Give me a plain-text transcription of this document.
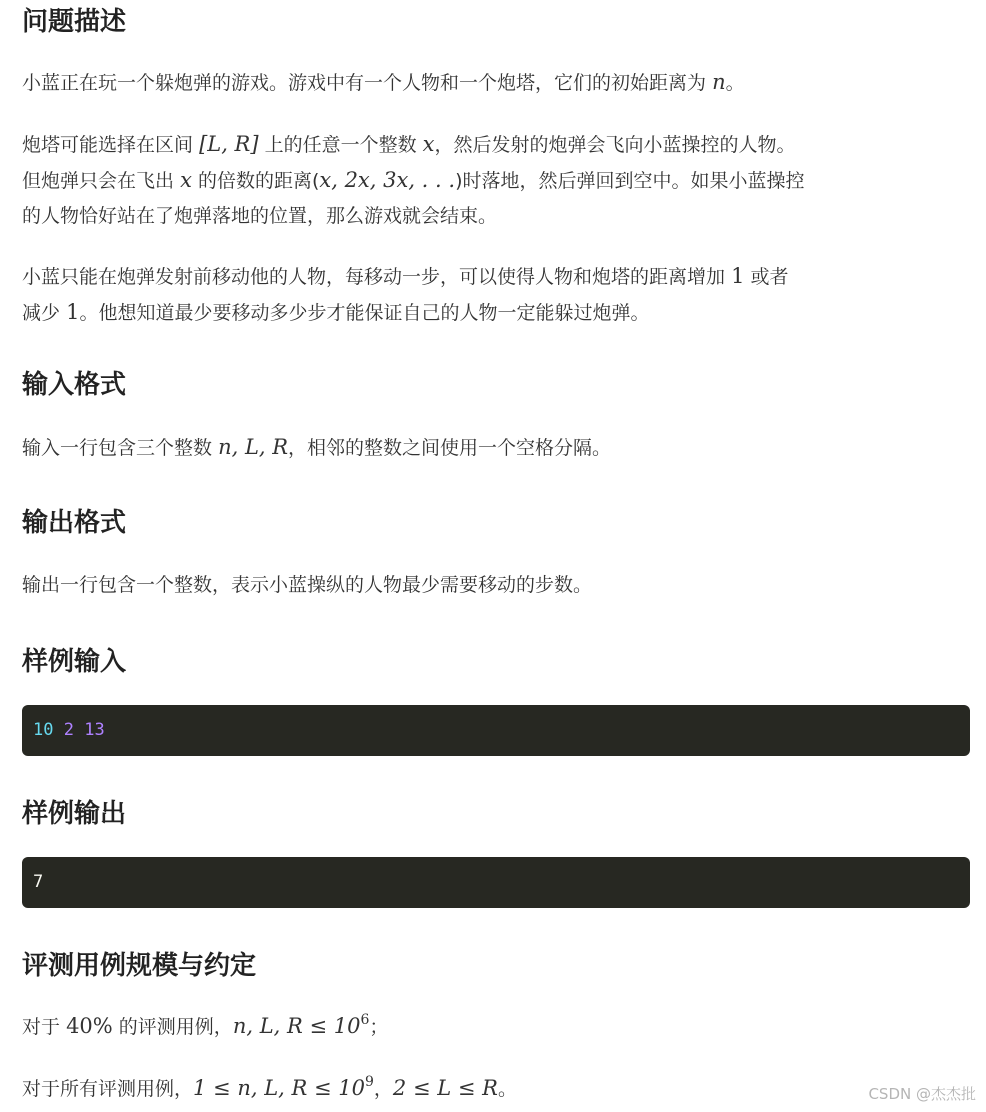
问题描述

小蓝正在玩一个躲炮弹的游戏。游戏中有一个人物和一个炮塔，它们的初始距离为 n。

炮塔可能选择在区间 [L, R] 上的任意一个整数 x，然后发射的炮弹会飞向小蓝操控的人物。
但炮弹只会在飞出 x 的倍数的距离(x, 2x, 3x, . . .)时落地，然后弹回到空中。如果小蓝操控
的人物恰好站在了炮弹落地的位置，那么游戏就会结束。

小蓝只能在炮弹发射前移动他的人物，每移动一步，可以使得人物和炮塔的距离增加 1 或者
减少 1。他想知道最少要移动多少步才能保证自己的人物一定能躲过炮弹。

输入格式

输入一行包含三个整数 n, L, R，相邻的整数之间使用一个空格分隔。

输出格式

输出一行包含一个整数，表示小蓝操纵的人物最少需要移动的步数。

样例输入
10 2 13
样例输出
7
评测用例规模与约定

对于 40% 的评测用例，n, L, $R \le 10^6$；

对于所有评测用例，1 ≤ n, L, $R \le 10^9$，2 ≤ L ≤ R。	CSDN @杰杰批
